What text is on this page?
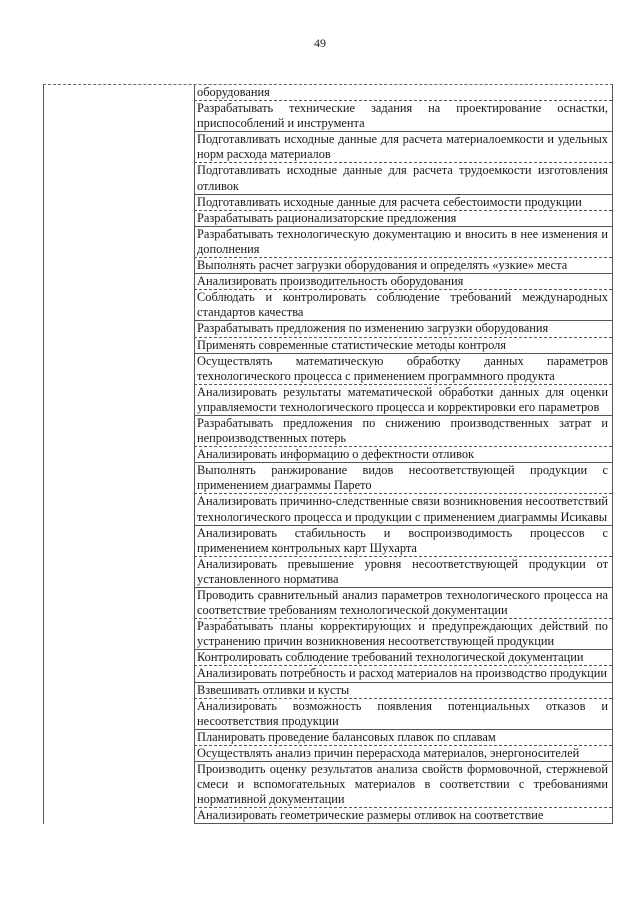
49
оборудования
Разрабатывать технические задания на проектирование оснастки, приспособлений и инструмента
Подготавливать исходные данные для расчета материалоемкости и удельных норм расхода материалов
Подготавливать исходные данные для расчета трудоемкости изготовления отливок
Подготавливать исходные данные для расчета себестоимости продукции
Разрабатывать рационализаторские предложения
Разрабатывать технологическую документацию и вносить в нее изменения и дополнения
Выполнять расчет загрузки оборудования и определять «узкие» места
Анализировать производительность оборудования
Соблюдать и контролировать соблюдение требований международных стандартов качества
Разрабатывать предложения по изменению загрузки оборудования
Применять современные статистические методы контроля
Осуществлять математическую обработку данных параметров технологического процесса с применением программного продукта
Анализировать результаты математической обработки данных для оценки управляемости технологического процесса и корректировки его параметров
Разрабатывать предложения по снижению производственных затрат и непроизводственных потерь
Анализировать информацию о дефектности отливок
Выполнять ранжирование видов несоответствующей продукции с применением диаграммы Парето
Анализировать причинно-следственные связи возникновения несоответствий технологического процесса и продукции с применением диаграммы Исикавы
Анализировать стабильность и воспроизводимость процессов с применением контрольных карт Шухарта
Анализировать превышение уровня несоответствующей продукции от установленного норматива
Проводить сравнительный анализ параметров технологического процесса на соответствие требованиям технологической документации
Разрабатывать планы корректирующих и предупреждающих действий по устранению причин возникновения несоответствующей продукции
Контролировать соблюдение требований технологической документации
Анализировать потребность и расход материалов на производство продукции
Взвешивать отливки и кусты
Анализировать возможность появления потенциальных отказов и несоответствия продукции
Планировать проведение балансовых плавок по сплавам
Осуществлять анализ причин перерасхода материалов, энергоносителей
Производить оценку результатов анализа свойств формовочной, стержневой смеси и вспомогательных материалов в соответствии с требованиями нормативной документации
Анализировать геометрические размеры отливок на соответствие
